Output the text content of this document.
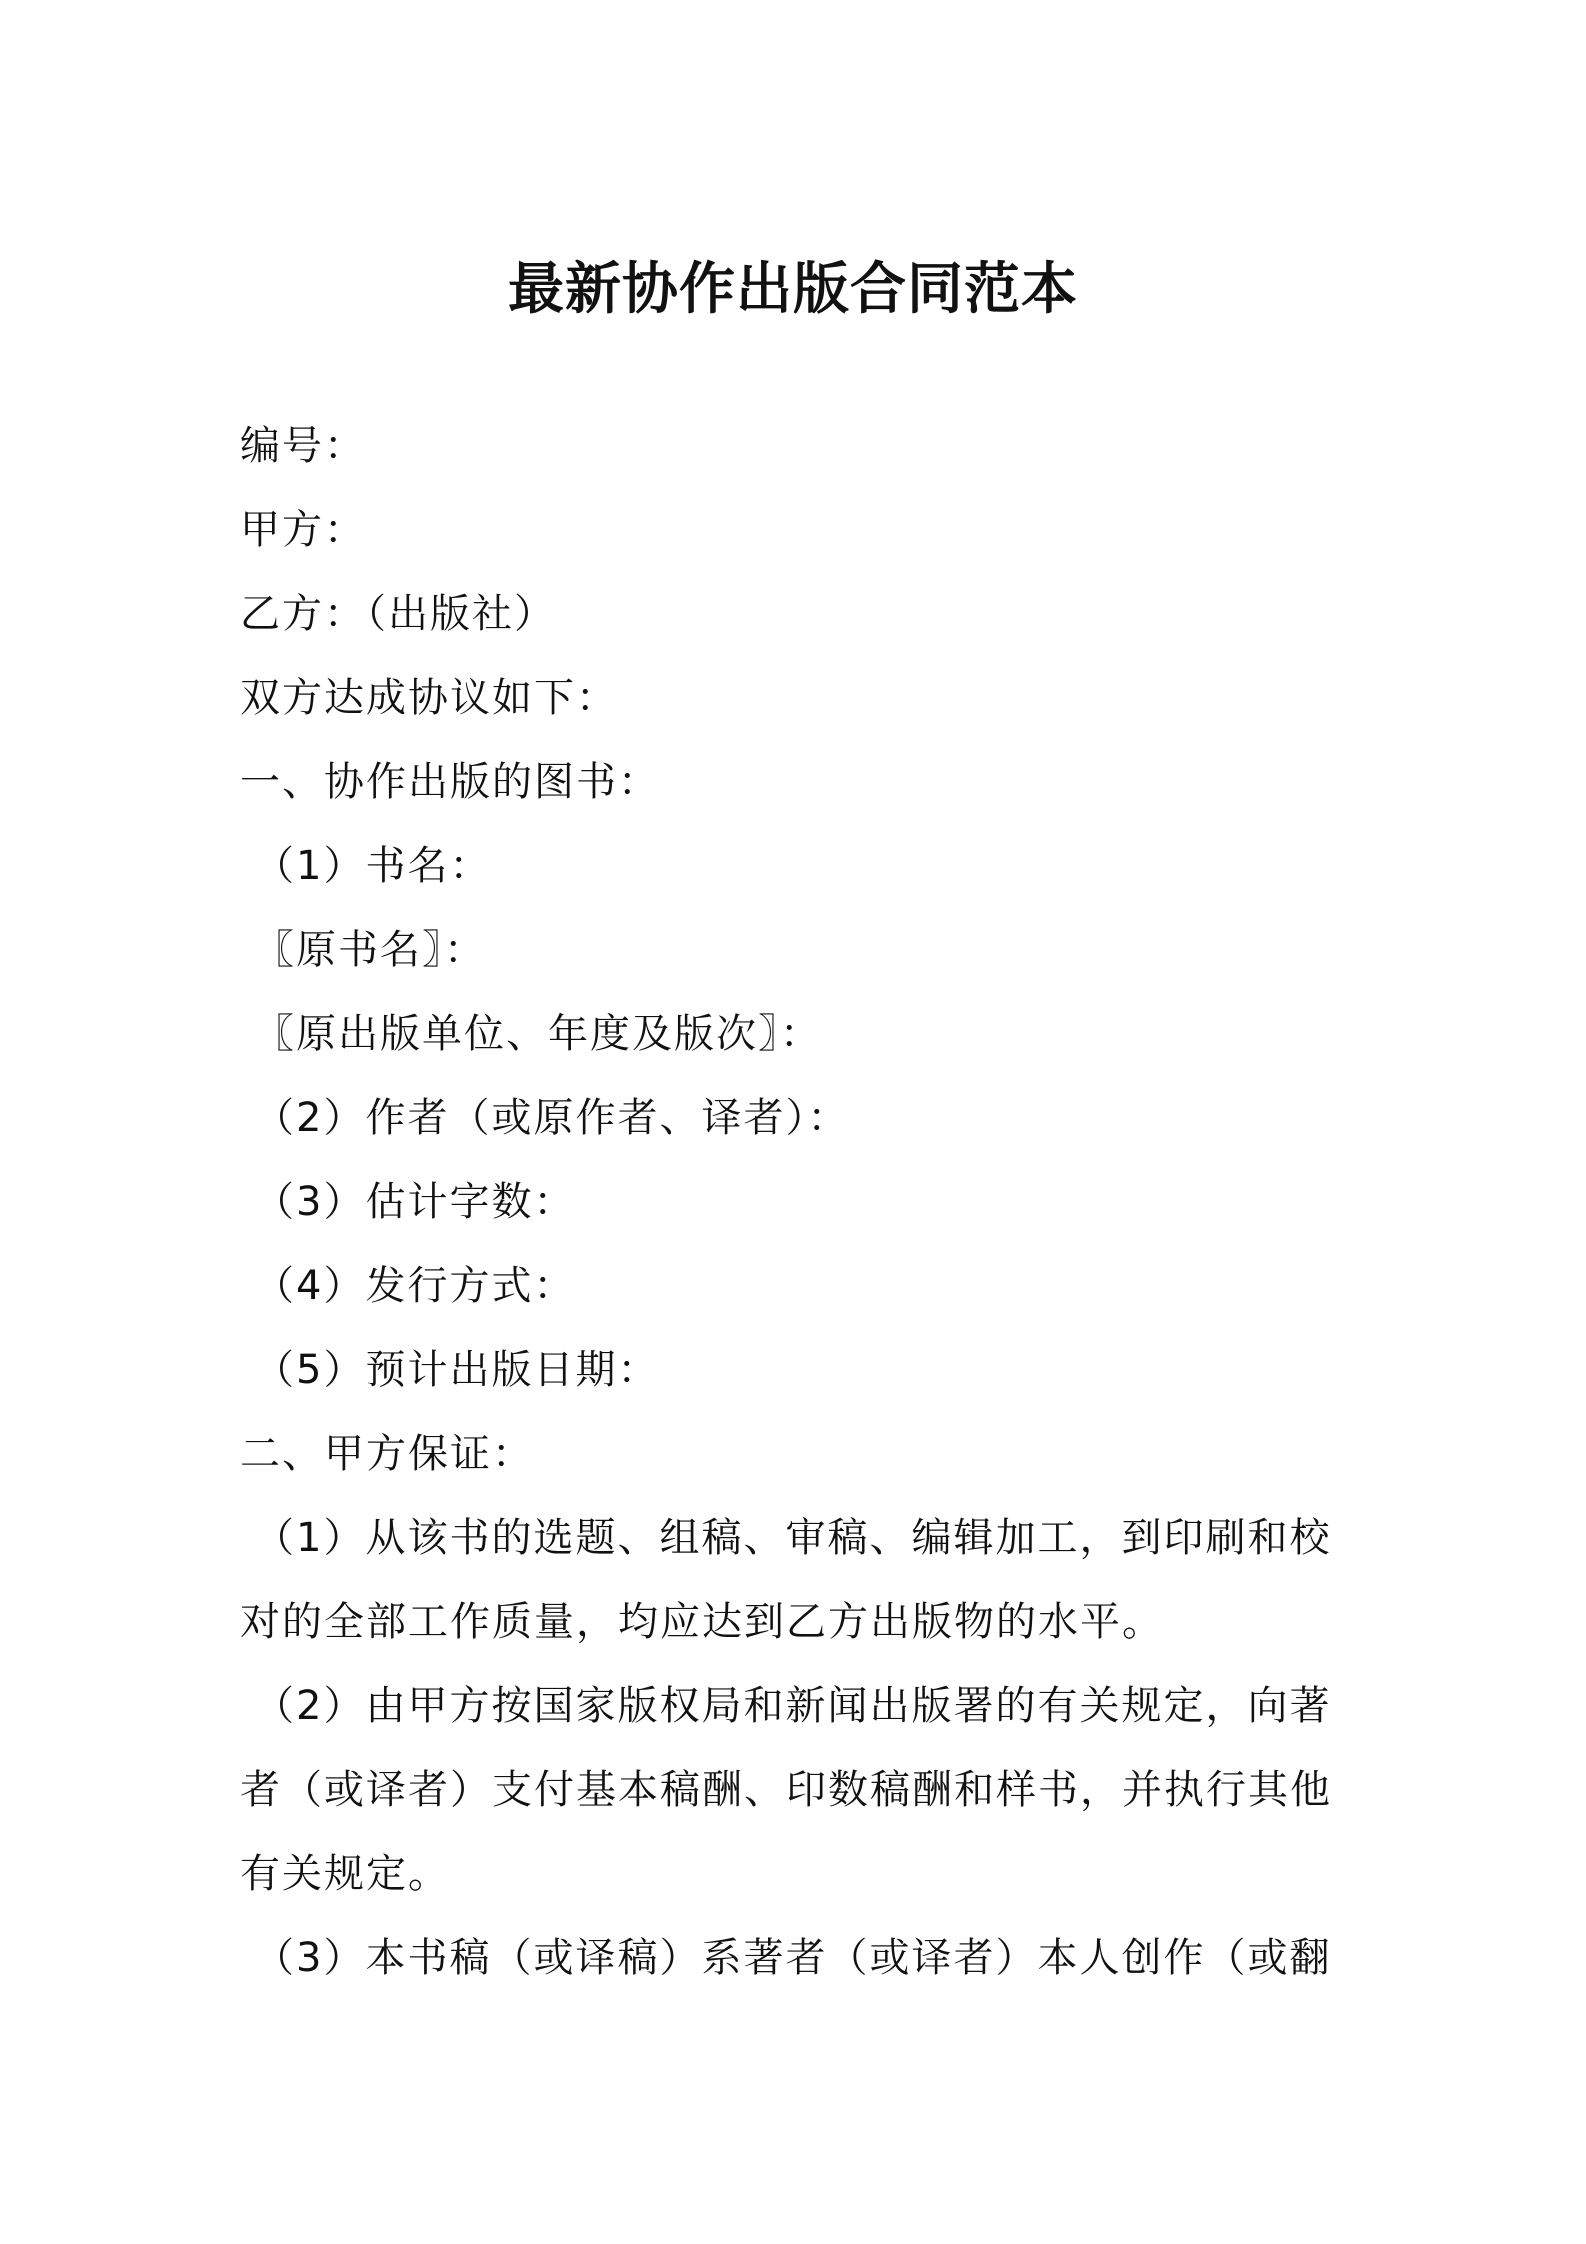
最新协作出版合同范本
编号：
甲方：
乙方：（出版社）
双方达成协议如下：
一、协作出版的图书：
（1）书名：
〖原书名〗：
〖原出版单位、年度及版次〗：
（2）作者（或原作者、译者）：
（3）估计字数：
（4）发行方式：
（5）预计出版日期：
二、甲方保证：
（1）从该书的选题、组稿、审稿、编辑加工，到印刷和校
对的全部工作质量，均应达到乙方出版物的水平。
（2）由甲方按国家版权局和新闻出版署的有关规定，向著
者（或译者）支付基本稿酬、印数稿酬和样书，并执行其他
有关规定。
（3）本书稿（或译稿）系著者（或译者）本人创作（或翻
